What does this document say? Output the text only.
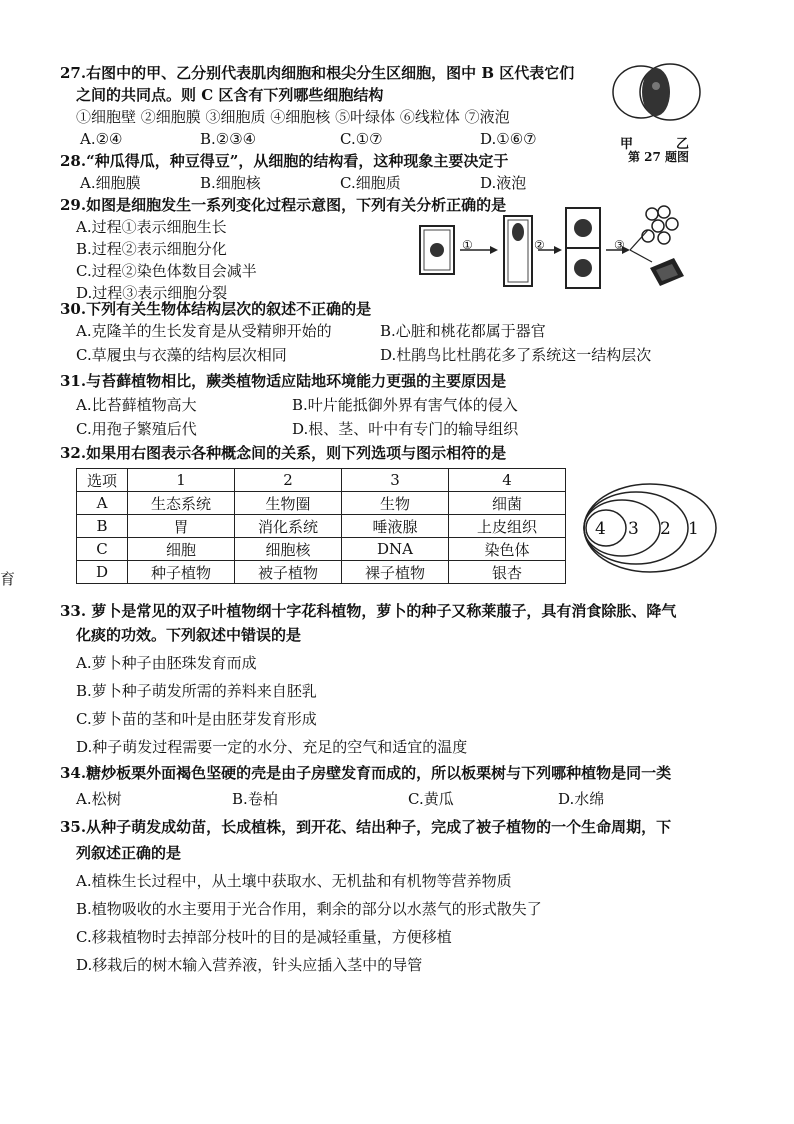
27.右图中的甲、乙分别代表肌肉细胞和根尖分生区细胞，图中 B 区代表它们
之间的共同点。则 C 区含有下列哪些细胞结构
①细胞壁 ②细胞膜 ③细胞质 ④细胞核 ⑤叶绿体 ⑥线粒体 ⑦液泡
A.②④	B.②③④	C.①⑦	D.①⑥⑦	甲	乙
第 27 题图
28.“种瓜得瓜，种豆得豆”，从细胞的结构看，这种现象主要决定于
A.细胞膜	B.细胞核	C.细胞质	D.液泡
29.如图是细胞发生一系列变化过程示意图，下列有关分析正确的是
A.过程①表示细胞生长
B.过程②表示细胞分化
C.过程②染色体数目会减半
D.过程③表示细胞分裂
①	②	③
30.下列有关生物体结构层次的叙述不正确的是
A.克隆羊的生长发育是从受精卵开始的	B.心脏和桃花都属于器官
C.草履虫与衣藻的结构层次相同	D.杜鹃鸟比杜鹃花多了系统这一结构层次
31.与苔藓植物相比，蕨类植物适应陆地环境能力更强的主要原因是
A.比苔藓植物高大	B.叶片能抵御外界有害气体的侵入
C.用孢子繁殖后代	D.根、茎、叶中有专门的输导组织
32.如果用右图表示各种概念间的关系，则下列选项与图示相符的是
选项	1	2	3	4
A	生态系统	生物圈	生物	细菌
B	胃	消化系统	唾液腺	上皮组织
C	细胞	细胞核	DNA	染色体
D	种子植物	被子植物	裸子植物	银杏
4 3 2 1
育
33. 萝卜是常见的双子叶植物纲十字花科植物，萝卜的种子又称莱菔子，具有消食除胀、降气
化痰的功效。下列叙述中错误的是
A.萝卜种子由胚珠发育而成
B.萝卜种子萌发所需的养料来自胚乳
C.萝卜苗的茎和叶是由胚芽发育形成
D.种子萌发过程需要一定的水分、充足的空气和适宜的温度
34.糖炒板栗外面褐色坚硬的壳是由子房壁发育而成的，所以板栗树与下列哪种植物是同一类
A.松树	B.卷柏	C.黄瓜	D.水绵
35.从种子萌发成幼苗，长成植株，到开花、结出种子，完成了被子植物的一个生命周期，下
列叙述正确的是
A.植株生长过程中，从土壤中获取水、无机盐和有机物等营养物质
B.植物吸收的水主要用于光合作用，剩余的部分以水蒸气的形式散失了
C.移栽植物时去掉部分枝叶的目的是减轻重量，方便移植
D.移栽后的树木输入营养液，针头应插入茎中的导管
